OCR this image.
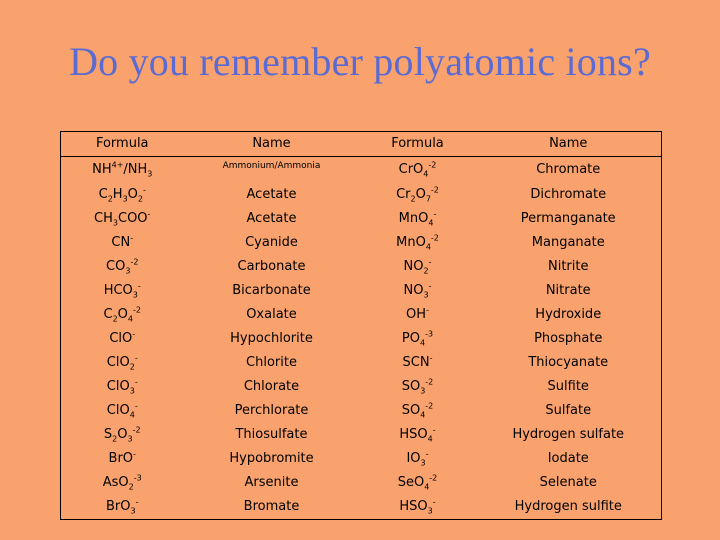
Do you remember polyatomic ions?
Formula	Name	Formula	Name
$NH^{4+}/NH_3$	Ammonium/Ammonia	CrO$_4^{-2}$	Chromate
$C_2H_3O_2^-$	Acetate	$Cr_2O_7^{-2}$	Dichromate
$CH_3COO^-$	Acetate	MnO$_4$-	Permanganate
CN-	Cyanide	MnO$_4^{-2}$	Manganate
$CO_3^{-2}$	Carbonate	$NO_2^-$	Nitrite
$HCO_3^-$	Bicarbonate	$NO_3^-$	Nitrate
$C_2O_4^{-2}$	Oxalate	OH-	Hydroxide
ClO-	Hypochlorite	$PO_4^{-3}$	Phosphate
ClO$_2$-	Chlorite	SCN-	Thiocyanate
ClO$_3$-	Chlorate	$SO_3^{-2}$	Sulfite
ClO$_4$-	Perchlorate	$SO_4^{-2}$	Sulfate
$S_2O_3^{-2}$	Thiosulfate	$HSO_4^-$	Hydrogen sulfate
BrO-	Hypobromite	$IO_3^-$	Iodate
AsO$_2^{-3}$	Arsenite	SeO$_4^{-2}$	Selenate
BrO$_3$-	Bromate	$HSO_3^-$	Hydrogen sulfite
